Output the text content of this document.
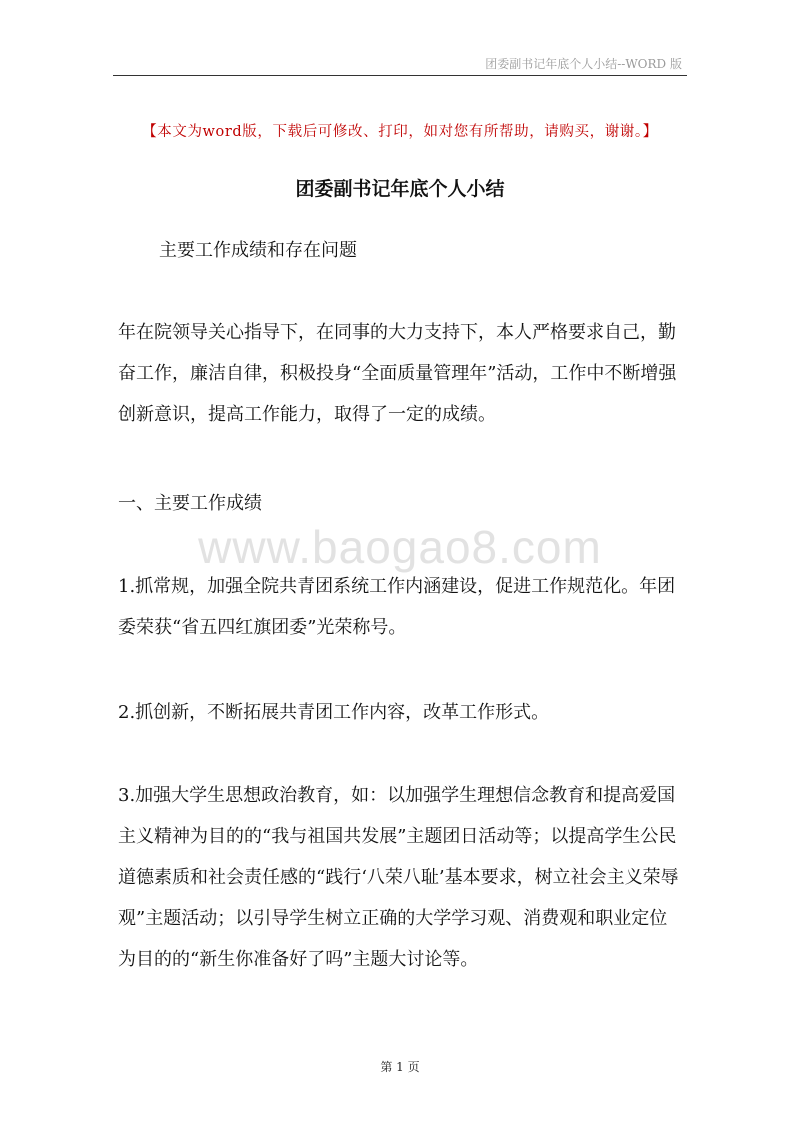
团委副书记年底个人小结--WORD 版
【本文为word版，下载后可修改、打印，如对您有所帮助，请购买，谢谢。】
团委副书记年底个人小结

主要工作成绩和存在问题

年在院领导关心指导下，在同事的大力支持下，本人严格要求自己，勤奋工作，廉洁自律，积极投身“全面质量管理年”活动，工作中不断增强创新意识，提高工作能力，取得了一定的成绩。

一、主要工作成绩

www.baogao8.com

1.抓常规，加强全院共青团系统工作内涵建设，促进工作规范化。年团委荣获“省五四红旗团委”光荣称号。

2.抓创新，不断拓展共青团工作内容，改革工作形式。

3.加强大学生思想政治教育，如：以加强学生理想信念教育和提高爱国主义精神为目的的“我与祖国共发展”主题团日活动等；以提高学生公民道德素质和社会责任感的“践行‘八荣八耻’基本要求，树立社会主义荣辱观”主题活动；以引导学生树立正确的大学学习观、消费观和职业定位为目的的“新生你准备好了吗”主题大讨论等。

第 1 页
